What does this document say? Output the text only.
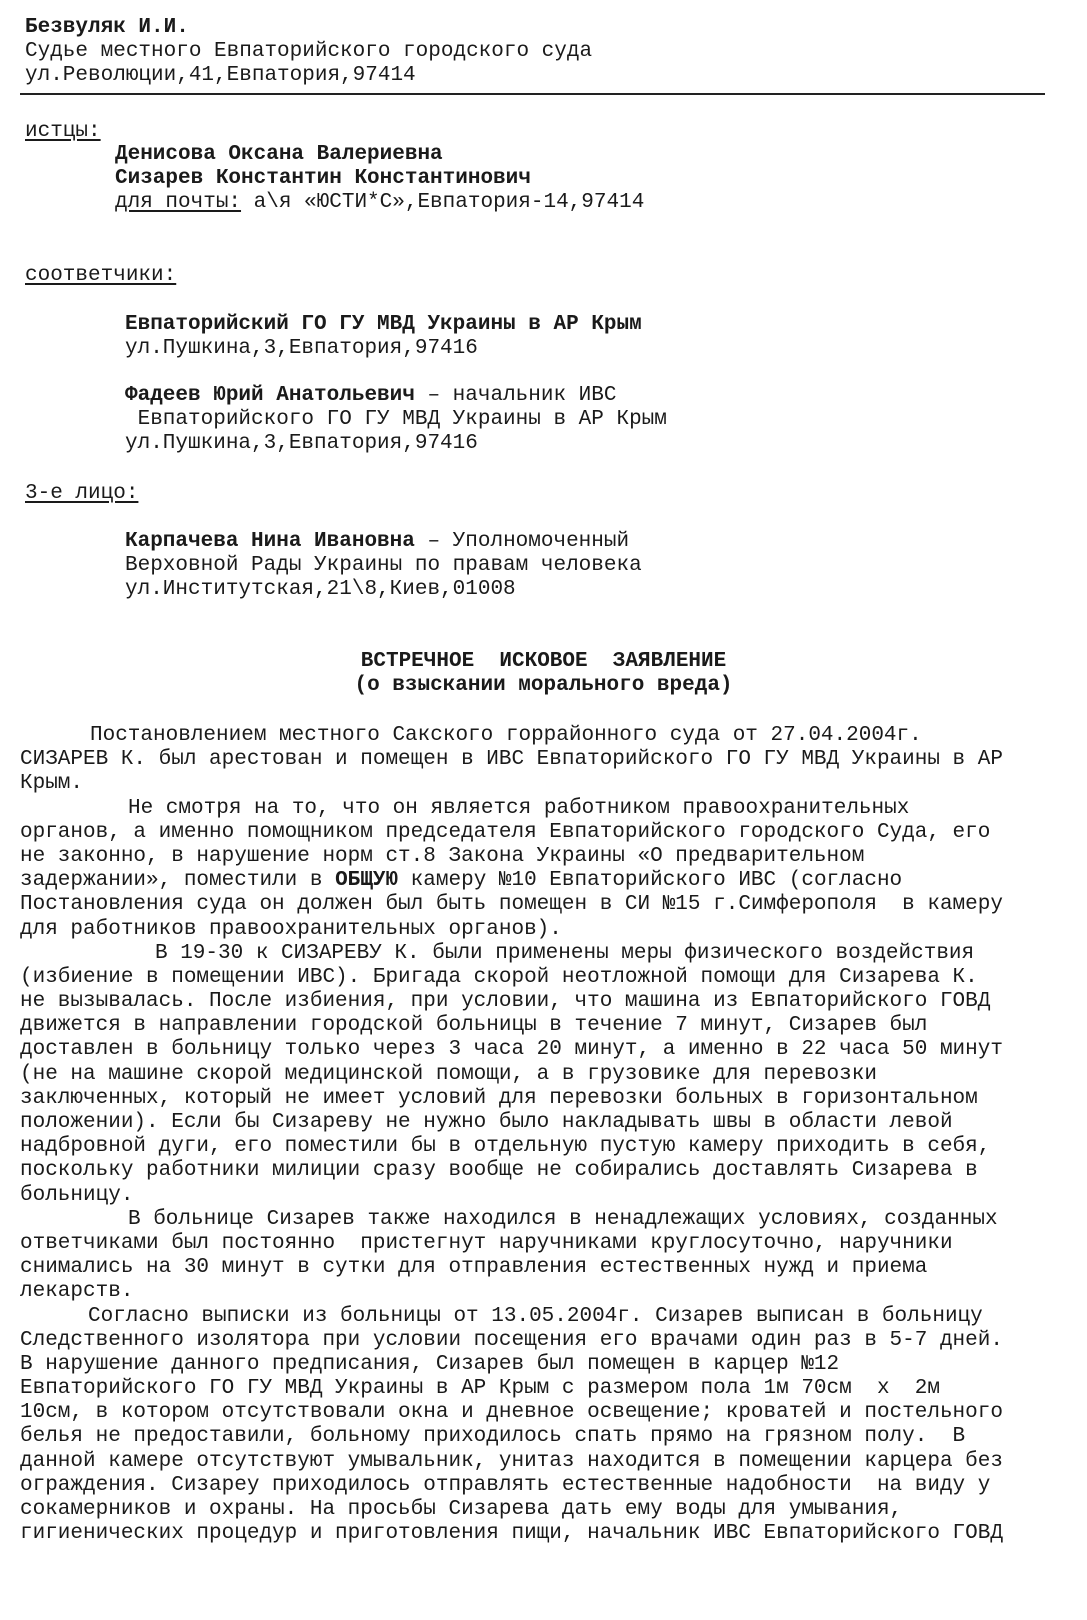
Безвуляк И.И.
Судье местного Евпаторийского городского суда
ул.Революции,41,Евпатория,97414
истцы:
Денисова Оксана Валериевна
Сизарев Константин Константинович
для почты: а\я «ЮСТИ*С»,Евпатория-14,97414
соответчики:
Евпаторийский ГО ГУ МВД Украины в АР Крым
ул.Пушкина,3,Евпатория,97416
Фадеев Юрий Анатольевич – начальник ИВС
Евпаторийского ГО ГУ МВД Украины в АР Крым
ул.Пушкина,3,Евпатория,97416
3-е лицо:
Карпачева Нина Ивановна – Уполномоченный
Верховной Рады Украины по правам человека
ул.Институтская,21\8,Киев,01008
ВСТРЕЧНОЕ  ИСКОВОЕ  ЗАЯВЛЕНИЕ
(о взыскании морального вреда)
Постановлением местного Сакского горрайонного суда от 27.04.2004г.
СИЗАРЕВ К. был арестован и помещен в ИВС Евпаторийского ГО ГУ МВД Украины в АР
Крым.
Не смотря на то, что он является работником правоохранительных
органов, а именно помощником председателя Евпаторийского городского Суда, его
не законно, в нарушение норм ст.8 Закона Украины «О предварительном
задержании», поместили в ОБЩУЮ камеру №10 Евпаторийского ИВС (согласно
Постановления суда он должен был быть помещен в СИ №15 г.Симферополя  в камеру
для работников правоохранительных органов).
В 19-30 к СИЗАРЕВУ К. были применены меры физического воздействия
(избиение в помещении ИВС). Бригада скорой неотложной помощи для Сизарева К.
не вызывалась. После избиения, при условии, что машина из Евпаторийского ГОВД
движется в направлении городской больницы в течение 7 минут, Сизарев был
доставлен в больницу только через 3 часа 20 минут, а именно в 22 часа 50 минут
(не на машине скорой медицинской помощи, а в грузовике для перевозки
заключенных, который не имеет условий для перевозки больных в горизонтальном
положении). Если бы Сизареву не нужно было накладывать швы в области левой
надбровной дуги, его поместили бы в отдельную пустую камеру приходить в себя,
поскольку работники милиции сразу вообще не собирались доставлять Сизарева в
больницу.
В больнице Сизарев также находился в ненадлежащих условиях, созданных
ответчиками был постоянно  пристегнут наручниками круглосуточно, наручники
снимались на 30 минут в сутки для отправления естественных нужд и приема
лекарств.
Согласно выписки из больницы от 13.05.2004г. Сизарев выписан в больницу
Следственного изолятора при условии посещения его врачами один раз в 5-7 дней.
В нарушение данного предписания, Сизарев был помещен в карцер №12
Евпаторийского ГО ГУ МВД Украины в АР Крым с размером пола 1м 70см  х  2м
10см, в котором отсутствовали окна и дневное освещение; кроватей и постельного
белья не предоставили, больному приходилось спать прямо на грязном полу.  В
данной камере отсутствуют умывальник, унитаз находится в помещении карцера без
ограждения. Сизареу приходилось отправлять естественные надобности  на виду у
сокамерников и охраны. На просьбы Сизарева дать ему воды для умывания,
гигиенических процедур и приготовления пищи, начальник ИВС Евпаторийского ГОВД
